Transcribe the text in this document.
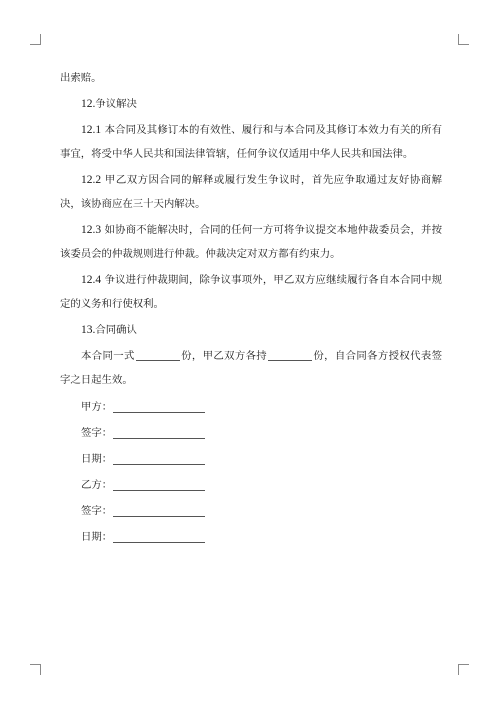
出索赔。

12.争议解决

12.1 本合同及其修订本的有效性、履行和与本合同及其修订本效力有关的所有事宜，将受中华人民共和国法律管辖，任何争议仅适用中华人民共和国法律。

12.2 甲乙双方因合同的解释或履行发生争议时，首先应争取通过友好协商解决，该协商应在三十天内解决。

12.3 如协商不能解决时，合同的任何一方可将争议提交本地仲裁委员会，并按该委员会的仲裁规则进行仲裁。仲裁决定对双方都有约束力。

12.4 争议进行仲裁期间，除争议事项外，甲乙双方应继续履行各自本合同中规定的义务和行使权利。

13.合同确认

本合同一式	份，甲乙双方各持	份，自合同各方授权代表签字之日起生效。

甲方：
签字：
日期：
乙方：
签字：
日期：
